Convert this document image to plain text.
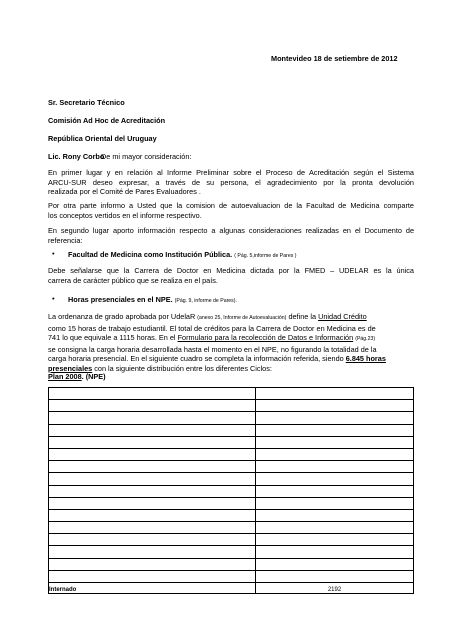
Montevideo 18 de setiembre de 2012
Sr. Secretario Técnico
Comisión Ad Hoc de Acreditación
República Oriental del Uruguay
Lic. Rony Corbo
De mi mayor consideración:
En primer lugar y en relación al Informe Preliminar sobre el Proceso de Acreditación según el Sistema
ARCU-SUR deseo expresar, a través de su persona, el agradecimiento por la pronta devolución
realizada por el Comité de Pares Evaluadores .
Por otra parte informo a Usted que la comision de autoevaluacion de la Facultad de Medicina comparte
los conceptos vertidos en el informe respectivo.
En segundo lugar aporto información respecto a algunas consideraciones realizadas en el Documento de
referencia:
• Facultad de Medicina como Institución Pública. ( Pág. 5,informe de Pares )
Debe señalarse que la Carrera de Doctor en Medicina dictada por la FMED – UDELAR es la única
carrera de carácter público que se realiza en el país.
• Horas presenciales en el NPE. (Pág. 9, informe de Pares).
La ordenanza de grado aprobada por UdelaR (anexo 25, Informe de Autoevaluación) define la Unidad Crédito
como 15 horas de trabajo estudiantil. El total de créditos para la Carrera de Doctor en Medicina es de
741 lo que equivale a 1115 horas. En el Formulario para la recolección de Datos e Información (Pág.23)
se consigna la carga horaria desarrollada hasta el momento en el NPE, no figurando la totalidad de la
carga horaria presencial. En el siguiente cuadro se completa la información referida, siendo 6.845 horas
presenciales con la siguiente distribución entre los diferentes Ciclos:
Plan 2008. (NPE)

Internado	2192
